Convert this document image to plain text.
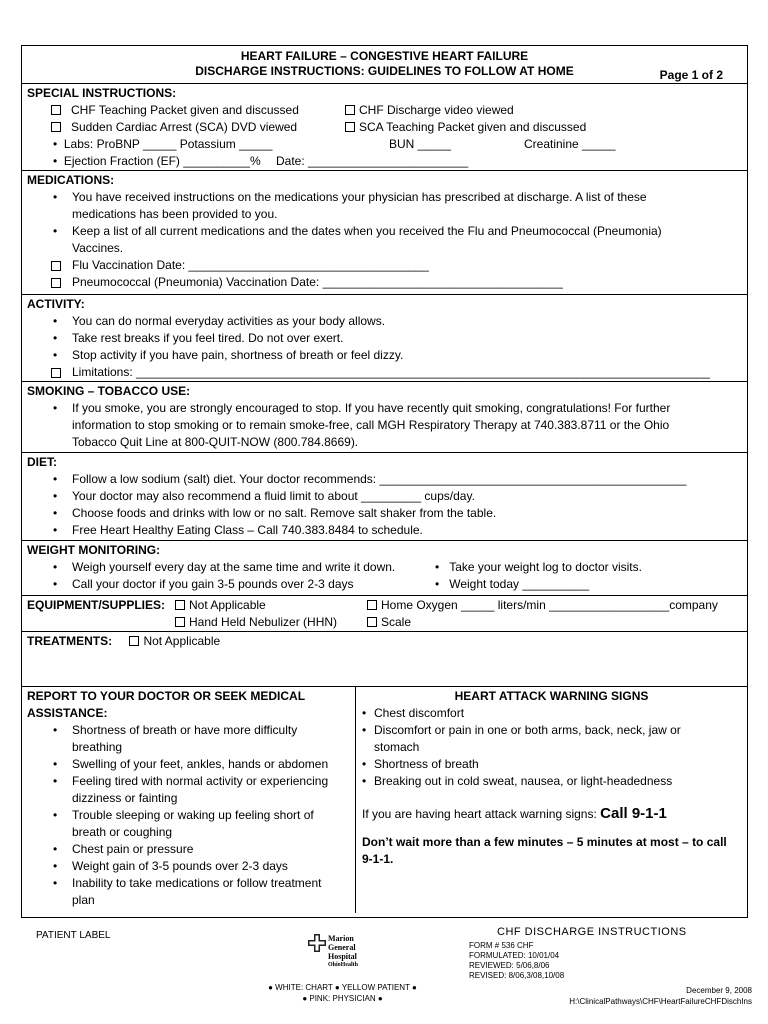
HEART FAILURE – CONGESTIVE HEART FAILURE
DISCHARGE INSTRUCTIONS: GUIDELINES TO FOLLOW AT HOME	Page 1 of 2
SPECIAL INSTRUCTIONS:
CHF Teaching Packet given and discussed	CHF Discharge video viewed
Sudden Cardiac Arrest (SCA) DVD viewed	SCA Teaching Packet given and discussed
•  Labs: ProBNP _____ Potassium _____	BUN _____	Creatinine _____
•  Ejection Fraction (EF) __________% Date: ________________________
MEDICATIONS:
• You have received instructions on the medications your physician has prescribed at discharge. A list of these
medications has been provided to you.
• Keep a list of all current medications and the dates when you received the Flu and Pneumococcal (Pneumonia)
Vaccines.
Flu Vaccination Date: ____________________________________
Pneumococcal (Pneumonia) Vaccination Date: ____________________________________
ACTIVITY:
• You can do normal everyday activities as your body allows.
• Take rest breaks if you feel tired. Do not over exert.
• Stop activity if you have pain, shortness of breath or feel dizzy.
Limitations: ______________________________________________________________________________________
SMOKING – TOBACCO USE:
• If you smoke, you are strongly encouraged to stop. If you have recently quit smoking, congratulations! For further
information to stop smoking or to remain smoke-free, call MGH Respiratory Therapy at 740.383.8711 or the Ohio
Tobacco Quit Line at 800-QUIT-NOW (800.784.8669).
DIET:
• Follow a low sodium (salt) diet. Your doctor recommends: ______________________________________________
• Your doctor may also recommend a fluid limit to about _________ cups/day.
• Choose foods and drinks with low or no salt. Remove salt shaker from the table.
• Free Heart Healthy Eating Class – Call 740.383.8484 to schedule.
WEIGHT MONITORING:
• Weigh yourself every day at the same time and write it down.	•   Take your weight log to doctor visits.
• Call your doctor if you gain 3-5 pounds over 2-3 days	•   Weight today __________
EQUIPMENT/SUPPLIES:	Not Applicable	Home Oxygen _____ liters/min __________________company
Hand Held Nebulizer (HHN)	Scale

TREATMENTS:	Not Applicable
REPORT TO YOUR DOCTOR OR SEEK MEDICAL
ASSISTANCE:
• Shortness of breath or have more difficulty
breathing
• Swelling of your feet, ankles, hands or abdomen
• Feeling tired with normal activity or experiencing
dizziness or fainting
• Trouble sleeping or waking up feeling short of
breath or coughing
• Chest pain or pressure
• Weight gain of 3-5 pounds over 2-3 days
• Inability to take medications or follow treatment
plan
HEART ATTACK WARNING SIGNS
• Chest discomfort
• Discomfort or pain in one or both arms, back, neck, jaw or
stomach
• Shortness of breath
• Breaking out in cold sweat, nausea, or light-headedness
If you are having heart attack warning signs: Call 9-1-1
Don’t wait more than a few minutes – 5 minutes at most – to call
9-1-1.
PATIENT LABEL	Marion
General
Hospital
OhioHealth
● WHITE: CHART ● YELLOW PATIENT ●
● PINK: PHYSICIAN ●
CHF DISCHARGE INSTRUCTIONS
FORM # 536 CHF
FORMULATED: 10/01/04
REVIEWED: 5/06,8/06
REVISED: 8/06,3/08,10/08
December 9, 2008
H:\ClinicalPathways\CHF\HeartFailureCHFDischIns
